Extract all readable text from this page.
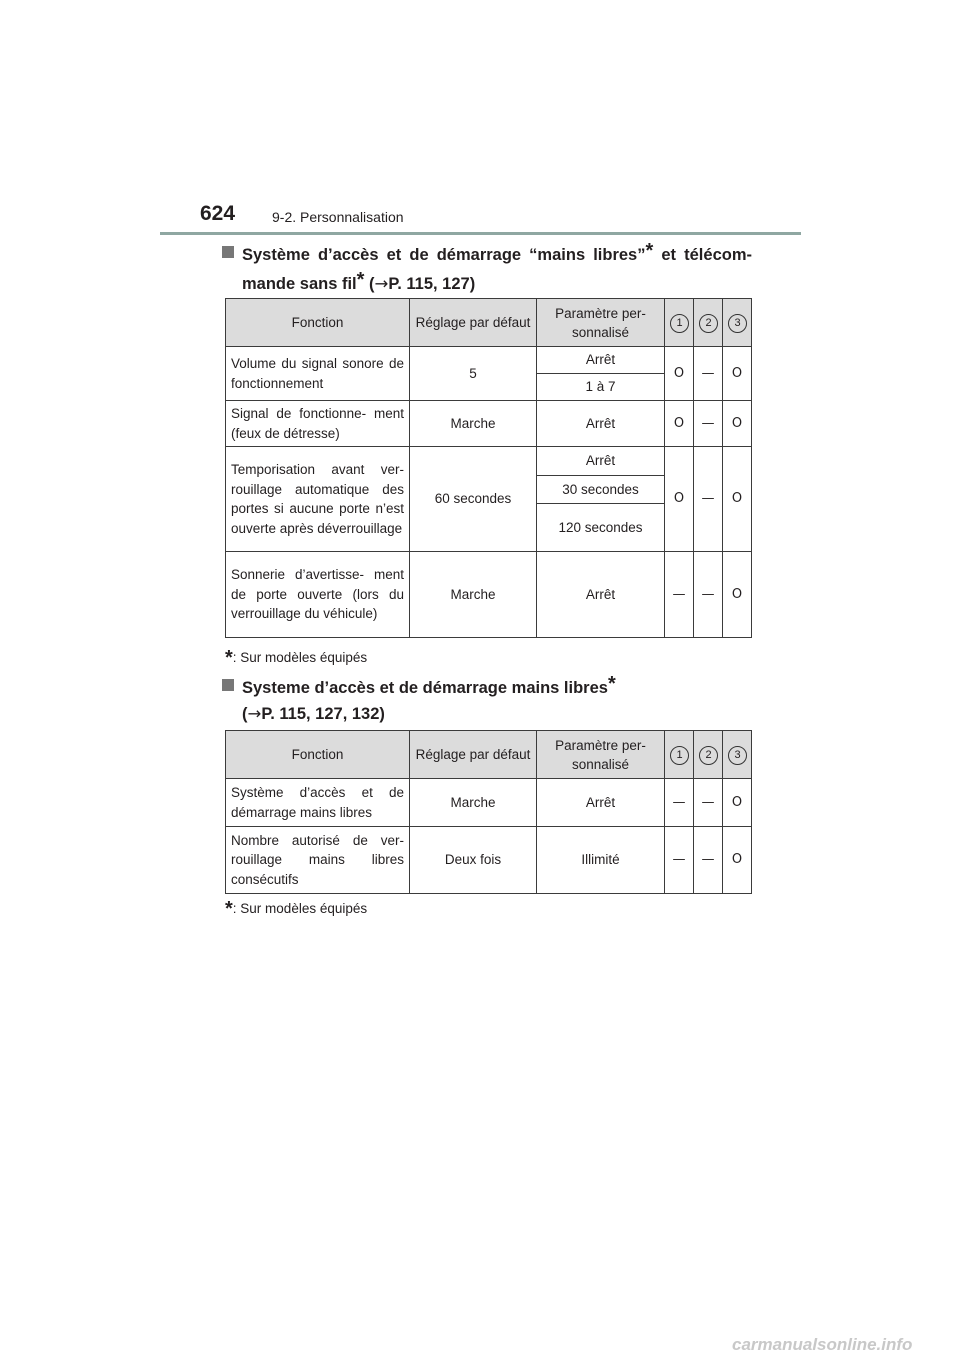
624	9-2. Personnalisation
Système d’accès et de démarrage “mains libres”* et télécom-
mande sans fil* (→P. 115, 127)
Fonction	Réglage par défaut	Paramètre per- sonnalisé	1	2	3
Volume du signal sonore de fonctionnement	5	Arrêt	O	—	O
		1 à 7			
Signal de fonctionne- ment (feux de détresse)	Marche	Arrêt	O	—	O
Temporisation avant ver- rouillage automatique des portes si aucune porte n’est ouverte après déverrouillage	60 secondes	Arrêt	O	—	O
		30 secondes			
		120 secondes			
Sonnerie d’avertisse- ment de porte ouverte (lors du verrouillage du véhicule)	Marche	Arrêt	—	—	O
*: Sur modèles équipés
Systeme d’accès et de démarrage mains libres*
(→P. 115, 127, 132)
Fonction	Réglage par défaut	Paramètre per- sonnalisé	1	2	3
Système d’accès et de démarrage mains libres	Marche	Arrêt	—	—	O
Nombre autorisé de ver- rouillage mains libres consécutifs	Deux fois	Illimité	—	—	O
*: Sur modèles équipés
carmanualsonline.info
